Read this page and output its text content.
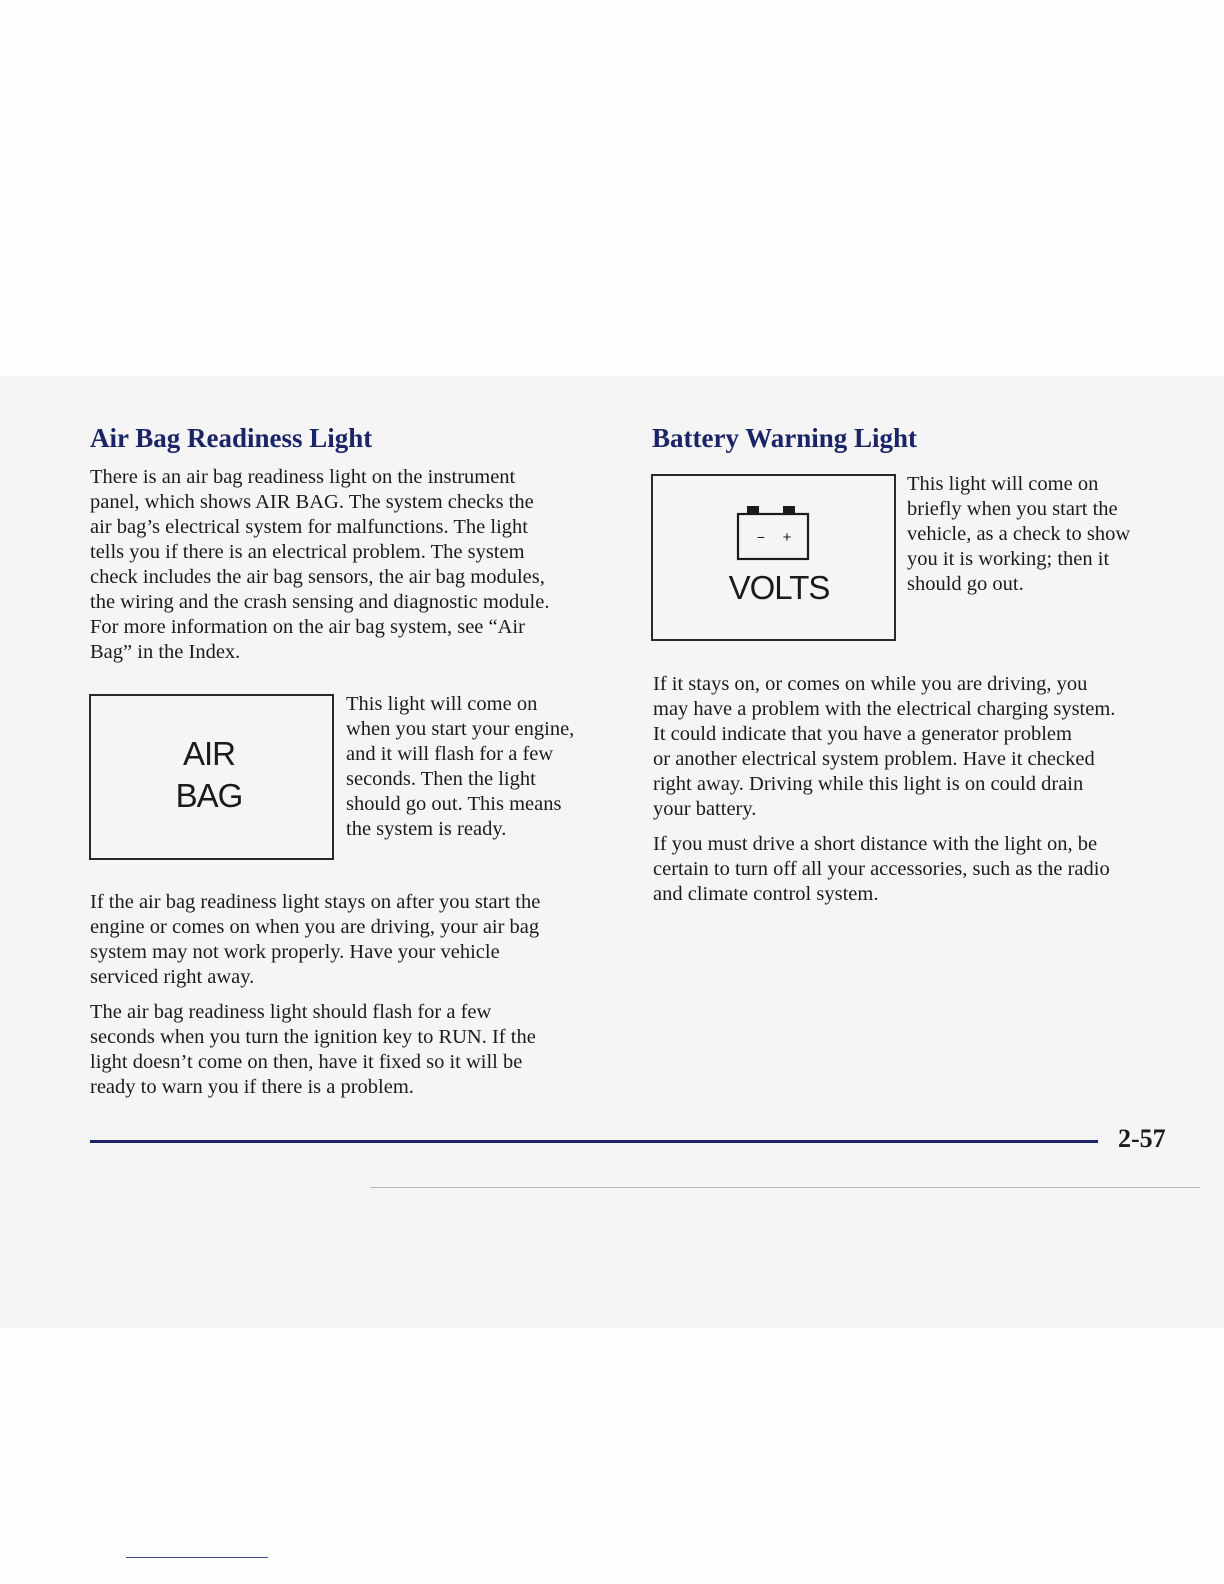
Air Bag Readiness Light
There is an air bag readiness light on the instrument
panel, which shows AIR BAG. The system checks the
air bag’s electrical system for malfunctions. The light
tells you if there is an electrical problem. The system
check includes the air bag sensors, the air bag modules,
the wiring and the crash sensing and diagnostic module.
For more information on the air bag system, see “Air
Bag” in the Index.
AIR
BAG
This light will come on
when you start your engine,
and it will flash for a few
seconds. Then the light
should go out. This means
the system is ready.
If the air bag readiness light stays on after you start the
engine or comes on when you are driving, your air bag
system may not work properly. Have your vehicle
serviced right away.
The air bag readiness light should flash for a few
seconds when you turn the ignition key to RUN. If the
light doesn’t come on then, have it fixed so it will be
ready to warn you if there is a problem.
Battery Warning Light
− +
VOLTS
This light will come on
briefly when you start the
vehicle, as a check to show
you it is working; then it
should go out.
If it stays on, or comes on while you are driving, you
may have a problem with the electrical charging system.
It could indicate that you have a generator problem
or another electrical system problem. Have it checked
right away. Driving while this light is on could drain
your battery.
If you must drive a short distance with the light on, be
certain to turn off all your accessories, such as the radio
and climate control system.
2-57
